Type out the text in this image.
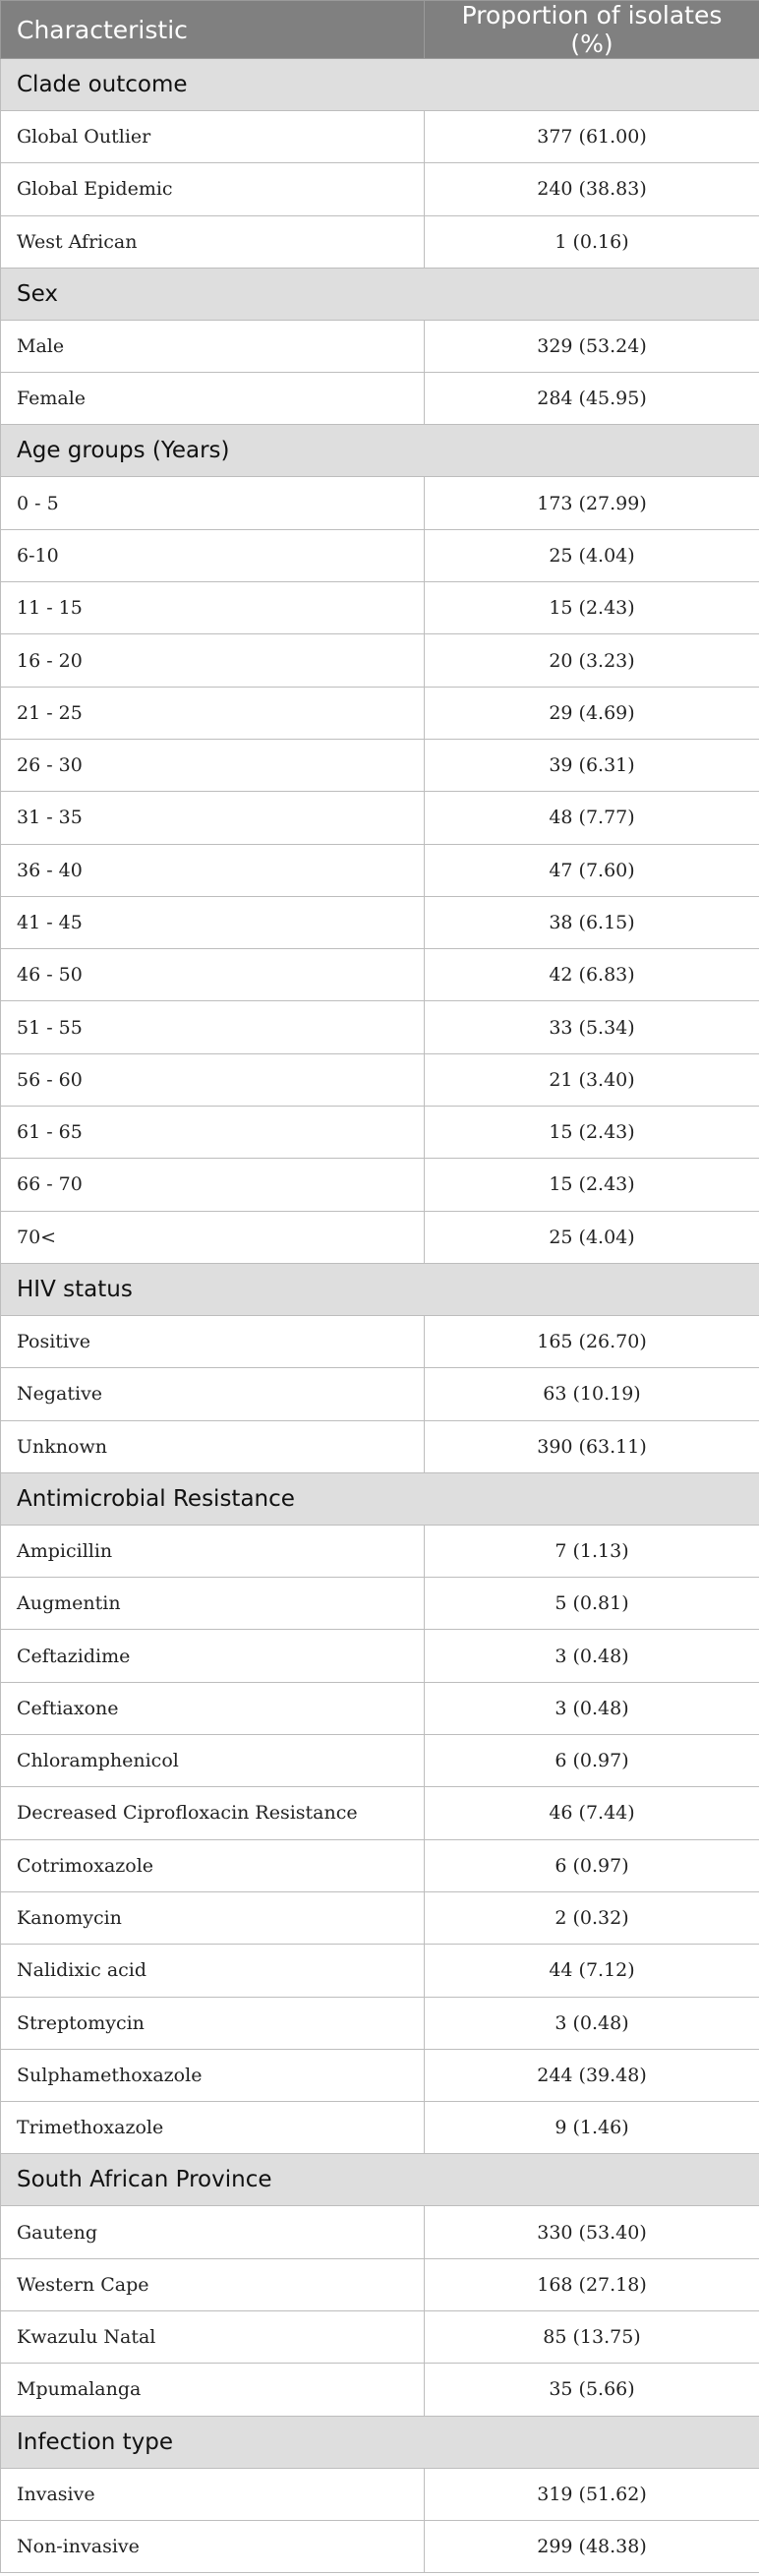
Characteristic	Proportion of isolates (%)
Clade outcome	
Global Outlier	377 (61.00)
Global Epidemic	240 (38.83)
West African	1 (0.16)
Sex	
Male	329 (53.24)
Female	284 (45.95)
Age groups (Years)	
0 - 5	173 (27.99)
6-10	25 (4.04)
11 - 15	15 (2.43)
16 - 20	20 (3.23)
21 - 25	29 (4.69)
26 - 30	39 (6.31)
31 - 35	48 (7.77)
36 - 40	47 (7.60)
41 - 45	38 (6.15)
46 - 50	42 (6.83)
51 - 55	33 (5.34)
56 - 60	21 (3.40)
61 - 65	15 (2.43)
66 - 70	15 (2.43)
70<	25 (4.04)
HIV status	
Positive	165 (26.70)
Negative	63 (10.19)
Unknown	390 (63.11)
Antimicrobial Resistance	
Ampicillin	7 (1.13)
Augmentin	5 (0.81)
Ceftazidime	3 (0.48)
Ceftiaxone	3 (0.48)
Chloramphenicol	6 (0.97)
Decreased Ciprofloxacin Resistance	46 (7.44)
Cotrimoxazole	6 (0.97)
Kanomycin	2 (0.32)
Nalidixic acid	44 (7.12)
Streptomycin	3 (0.48)
Sulphamethoxazole	244 (39.48)
Trimethoxazole	9 (1.46)
South African Province	
Gauteng	330 (53.40)
Western Cape	168 (27.18)
Kwazulu Natal	85 (13.75)
Mpumalanga	35 (5.66)
Infection type	
Invasive	319 (51.62)
Non-invasive	299 (48.38)
